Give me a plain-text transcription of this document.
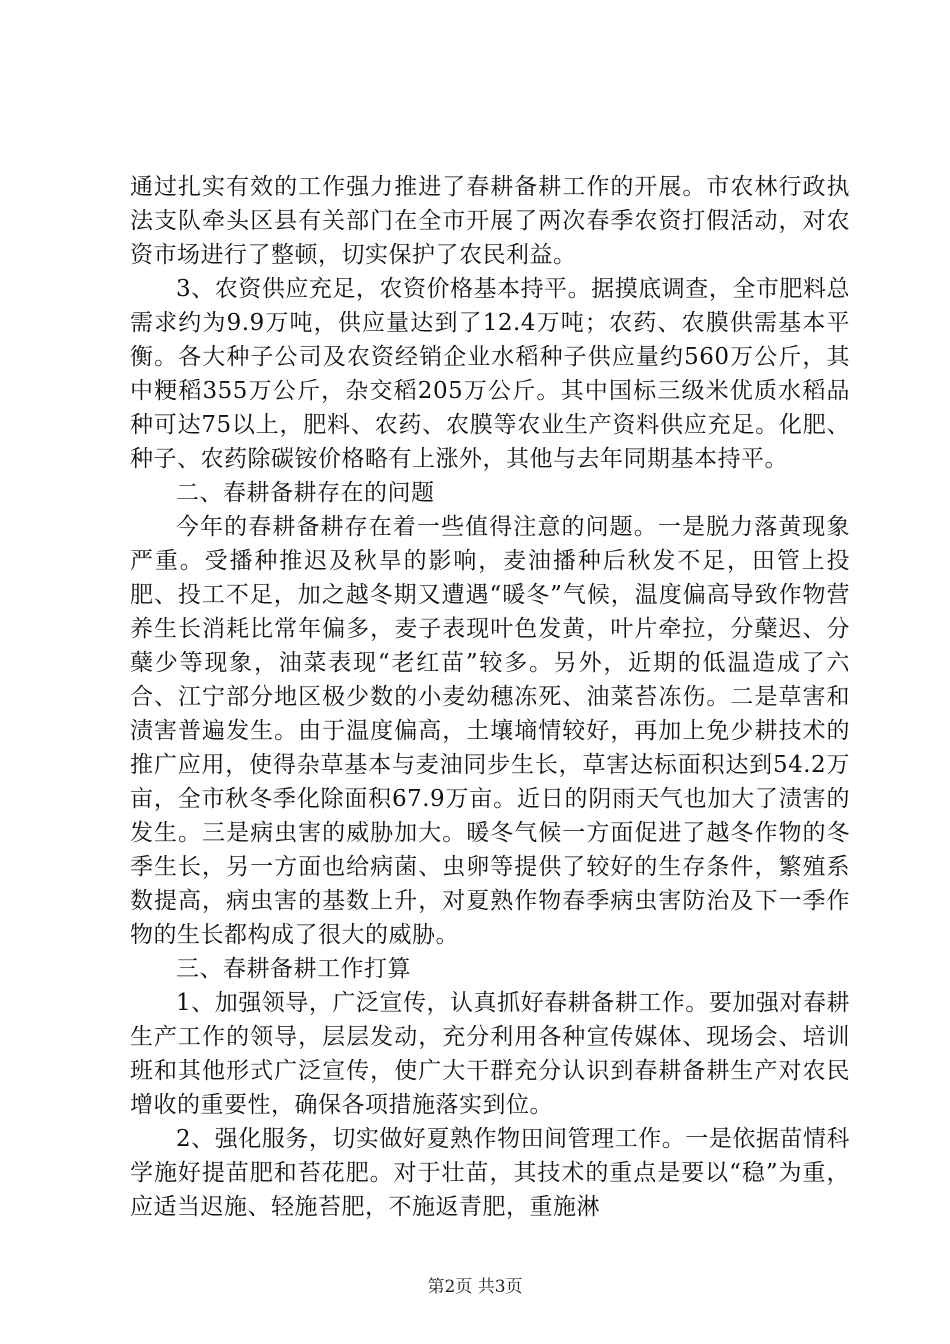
通过扎实有效的工作强力推进了春耕备耕工作的开展。市农林行政执法支队牵头区县有关部门在全市开展了两次春季农资打假活动，对农资市场进行了整顿，切实保护了农民利益。

3、农资供应充足，农资价格基本持平。据摸底调查，全市肥料总需求约为9.9万吨，供应量达到了12.4万吨；农药、农膜供需基本平衡。各大种子公司及农资经销企业水稻种子供应量约560万公斤，其中粳稻355万公斤，杂交稻205万公斤。其中国标三级米优质水稻品种可达75以上，肥料、农药、农膜等农业生产资料供应充足。化肥、种子、农药除碳铵价格略有上涨外，其他与去年同期基本持平。

二、春耕备耕存在的问题

今年的春耕备耕存在着一些值得注意的问题。一是脱力落黄现象严重。受播种推迟及秋旱的影响，麦油播种后秋发不足，田管上投肥、投工不足，加之越冬期又遭遇“暖冬”气候，温度偏高导致作物营养生长消耗比常年偏多，麦子表现叶色发黄，叶片牵拉，分蘖迟、分蘖少等现象，油菜表现“老红苗”较多。另外，近期的低温造成了六合、江宁部分地区极少数的小麦幼穗冻死、油菜苔冻伤。二是草害和渍害普遍发生。由于温度偏高，土壤墒情较好，再加上免少耕技术的推广应用，使得杂草基本与麦油同步生长，草害达标面积达到54.2万亩，全市秋冬季化除面积67.9万亩。近日的阴雨天气也加大了渍害的发生。三是病虫害的威胁加大。暖冬气候一方面促进了越冬作物的冬季生长，另一方面也给病菌、虫卵等提供了较好的生存条件，繁殖系数提高，病虫害的基数上升，对夏熟作物春季病虫害防治及下一季作物的生长都构成了很大的威胁。

三、春耕备耕工作打算

1、加强领导，广泛宣传，认真抓好春耕备耕工作。要加强对春耕生产工作的领导，层层发动，充分利用各种宣传媒体、现场会、培训班和其他形式广泛宣传，使广大干群充分认识到春耕备耕生产对农民增收的重要性，确保各项措施落实到位。

2、强化服务，切实做好夏熟作物田间管理工作。一是依据苗情科学施好提苗肥和苔花肥。对于壮苗，其技术的重点是要以“稳”为重，应适当迟施、轻施苔肥，不施返青肥，重施淋

第2页 共3页
